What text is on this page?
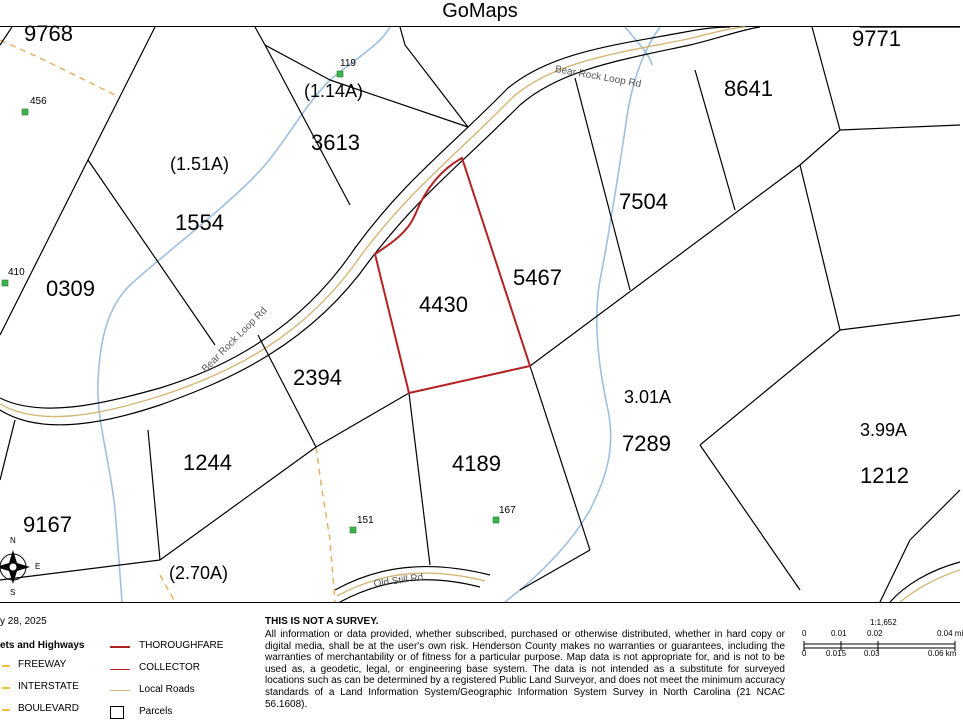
GoMaps
9768	9771
8641
3613
1554
7504
0309	5467
4430
2394
7289
1212
1244	4189
9167
(1.14A)
(1.51A)
3.01A
3.99A
(2.70A)
119
456
410
151
167
Bear Rock Loop Rd
Bear Rock Loop Rd
Old Still Rd
N
E
S
y 28, 2025
ets and Highways
FREEWAY
INTERSTATE
BOULEVARD
THOROUGHFARE
COLLECTOR
Local Roads
Parcels
THIS IS NOT A SURVEY.
All information or data provided, whether subscribed, purchased or otherwise distributed, whether in hard copy or digital media, shall be at the user's own risk. Henderson County makes no warranties or guarantees, including the warranties of merchantability or of fitness for a particular purpose. Map data is not appropriate for, and is not to be used as, a geodetic, legal, or engineering base system. The data is not intended as a substitute for surveyed locations such as can be determined by a registered Public Land Surveyor, and does not meet the minimum accuracy standards of a Land Information System/Geographic Information System Survey in North Carolina (21 NCAC 56.1608).
1:1,652
0	0.01	0.02	0.04 mi
0 0.015 0.03	0.06 km
